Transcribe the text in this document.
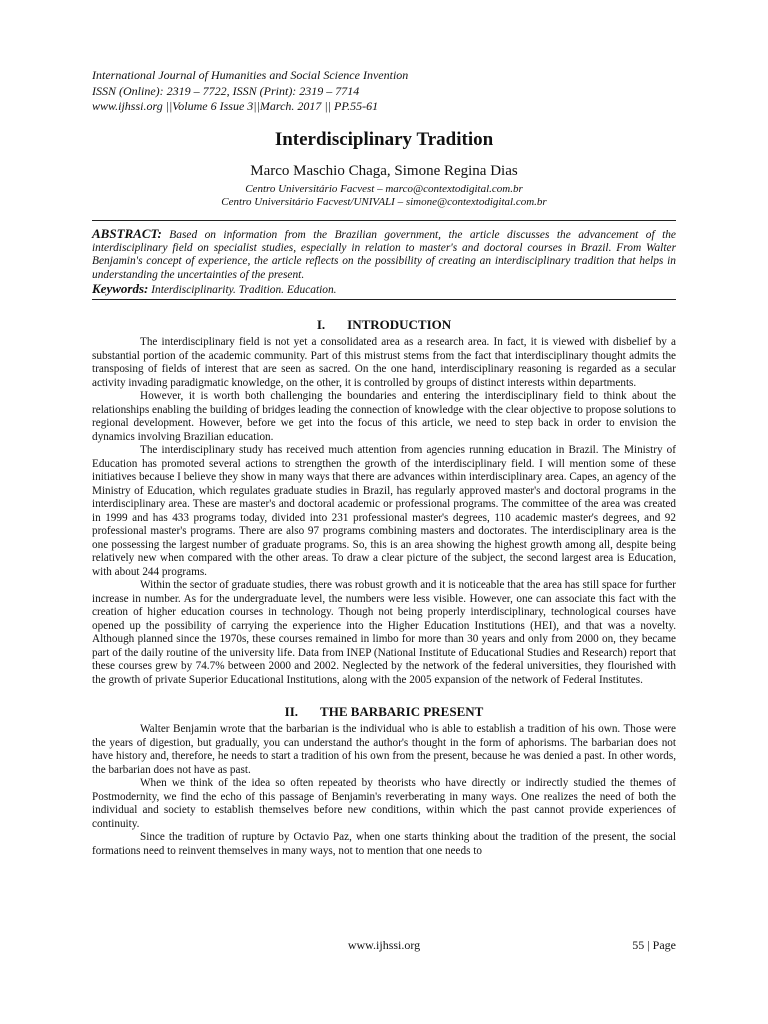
International Journal of Humanities and Social Science Invention
ISSN (Online): 2319 – 7722, ISSN (Print): 2319 – 7714
www.ijhssi.org ||Volume 6 Issue 3||March. 2017 || PP.55-61
Interdisciplinary Tradition
Marco Maschio Chaga, Simone Regina Dias
Centro Universitário Facvest – marco@contextodigital.com.br
Centro Universitário Facvest/UNIVALI – simone@contextodigital.com.br
ABSTRACT: Based on information from the Brazilian government, the article discusses the advancement of the interdisciplinary field on specialist studies, especially in relation to master's and doctoral courses in Brazil. From Walter Benjamin's concept of experience, the article reflects on the possibility of creating an interdisciplinary tradition that helps in understanding the uncertainties of the present.
Keywords: Interdisciplinarity. Tradition. Education.
I. INTRODUCTION

The interdisciplinary field is not yet a consolidated area as a research area. In fact, it is viewed with disbelief by a substantial portion of the academic community. Part of this mistrust stems from the fact that interdisciplinary thought admits the transposing of fields of interest that are seen as sacred. On the one hand, interdisciplinary reasoning is regarded as a secular activity invading paradigmatic knowledge, on the other, it is controlled by groups of distinct interests within departments.

However, it is worth both challenging the boundaries and entering the interdisciplinary field to think about the relationships enabling the building of bridges leading the connection of knowledge with the clear objective to propose solutions to regional development. However, before we get into the focus of this article, we need to step back in order to envision the dynamics involving Brazilian education.

The interdisciplinary study has received much attention from agencies running education in Brazil. The Ministry of Education has promoted several actions to strengthen the growth of the interdisciplinary field. I will mention some of these initiatives because I believe they show in many ways that there are advances within interdisciplinary area. Capes, an agency of the Ministry of Education, which regulates graduate studies in Brazil, has regularly approved master's and doctoral programs in the interdisciplinary area. These are master's and doctoral academic or professional programs. The committee of the area was created in 1999 and has 433 programs today, divided into 231 professional master's degrees, 110 academic master's degrees, and 92 professional master's programs. There are also 97 programs combining masters and doctorates. The interdisciplinary area is the one possessing the largest number of graduate programs. So, this is an area showing the highest growth among all, despite being relatively new when compared with the other areas. To draw a clear picture of the subject, the second largest area is Education, with about 244 programs.

Within the sector of graduate studies, there was robust growth and it is noticeable that the area has still space for further increase in number. As for the undergraduate level, the numbers were less visible. However, one can associate this fact with the creation of higher education courses in technology. Though not being properly interdisciplinary, technological courses have opened up the possibility of carrying the experience into the Higher Education Institutions (HEI), and that was a novelty. Although planned since the 1970s, these courses remained in limbo for more than 30 years and only from 2000 on, they became part of the daily routine of the university life. Data from INEP (National Institute of Educational Studies and Research) report that these courses grew by 74.7% between 2000 and 2002. Neglected by the network of the federal universities, they flourished with the growth of private Superior Educational Institutions, along with the 2005 expansion of the network of Federal Institutes.

II. THE BARBARIC PRESENT

Walter Benjamin wrote that the barbarian is the individual who is able to establish a tradition of his own. Those were the years of digestion, but gradually, you can understand the author's thought in the form of aphorisms. The barbarian does not have history and, therefore, he needs to start a tradition of his own from the present, because he was denied a past. In other words, the barbarian does not have as past.

When we think of the idea so often repeated by theorists who have directly or indirectly studied the themes of Postmodernity, we find the echo of this passage of Benjamin's reverberating in many ways. One realizes the need of both the individual and society to establish themselves before new conditions, within which the past cannot provide experiences of continuity.

Since the tradition of rupture by Octavio Paz, when one starts thinking about the tradition of the present, the social formations need to reinvent themselves in many ways, not to mention that one needs to

www.ijhssi.org	55 | Page
